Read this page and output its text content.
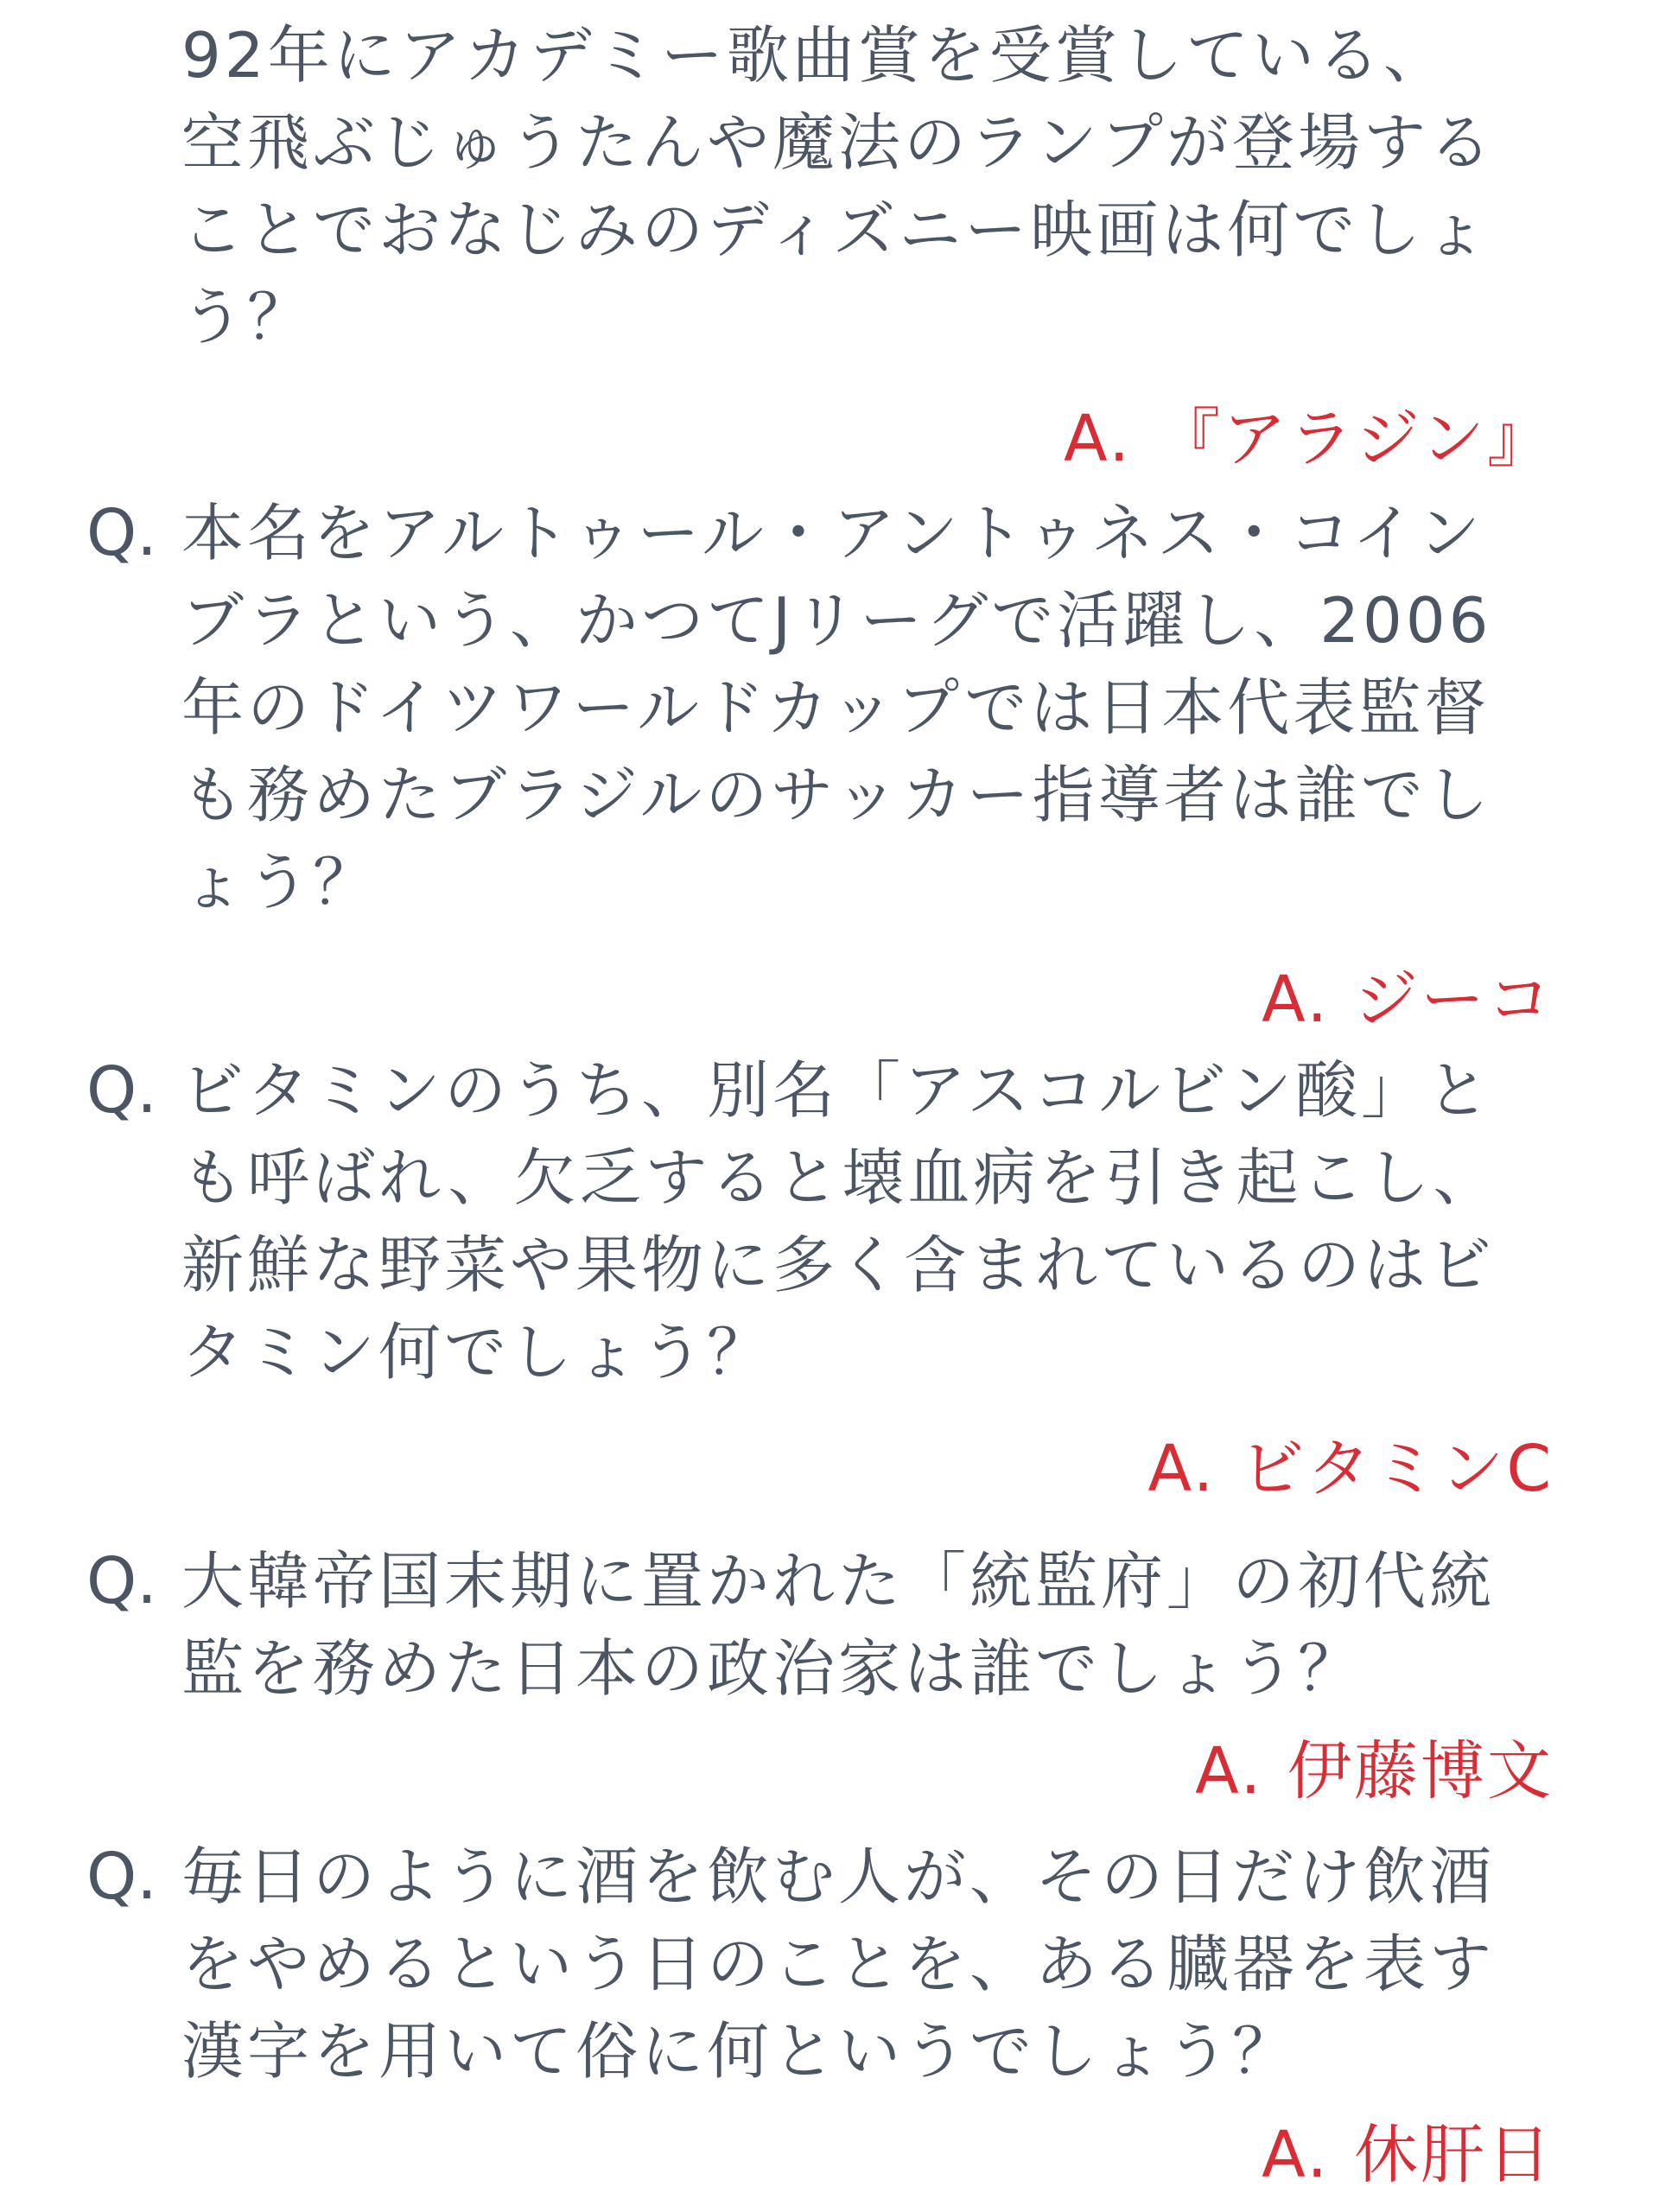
92年にアカデミー歌曲賞を受賞している、
空飛ぶじゅうたんや魔法のランプが登場する
ことでおなじみのディズニー映画は何でしょ
う？
A. 『アラジン』
Q. 本名をアルトゥール・アントゥネス・コイン
ブラという、かつてJリーグで活躍し、2006
年のドイツワールドカップでは日本代表監督
も務めたブラジルのサッカー指導者は誰でし
ょう？
A. ジーコ
Q. ビタミンのうち、別名「アスコルビン酸」と
も呼ばれ、欠乏すると壊血病を引き起こし、
新鮮な野菜や果物に多く含まれているのはビ
タミン何でしょう？
A. ビタミンC
Q. 大韓帝国末期に置かれた「統監府」の初代統
監を務めた日本の政治家は誰でしょう？
A. 伊藤博文
Q. 毎日のように酒を飲む人が、その日だけ飲酒
をやめるという日のことを、ある臓器を表す
漢字を用いて俗に何というでしょう？
A. 休肝日
